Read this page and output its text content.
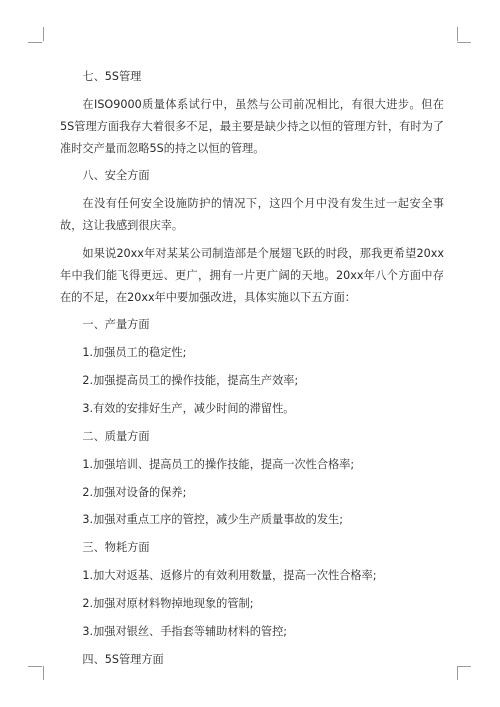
七、5S管理

在ISO9000质量体系试行中，虽然与公司前况相比，有很大进步。但在5S管理方面我存大着很多不足，最主要是缺少持之以恒的管理方针，有时为了准时交产量而忽略5S的持之以恒的管理。

八、安全方面

在没有任何安全设施防护的情况下，这四个月中没有发生过一起安全事故，这让我感到很庆幸。

如果说20xx年对某某公司制造部是个展翅飞跃的时段，那我更希望20xx年中我们能飞得更远、更广，拥有一片更广阔的天地。20xx年八个方面中存在的不足，在20xx年中要加强改进，具体实施以下五方面：

一、产量方面

1.加强员工的稳定性;

2.加强提高员工的操作技能，提高生产效率;

3.有效的安排好生产，减少时间的滞留性。

二、质量方面

1.加强培训、提高员工的操作技能，提高一次性合格率;

2.加强对设备的保养;

3.加强对重点工序的管控，减少生产质量事故的发生;

三、物耗方面

1.加大对返基、返修片的有效利用数量，提高一次性合格率;

2.加强对原材料物掉地现象的管制;

3.加强对银丝、手指套等辅助材料的管控;

四、5S管理方面
